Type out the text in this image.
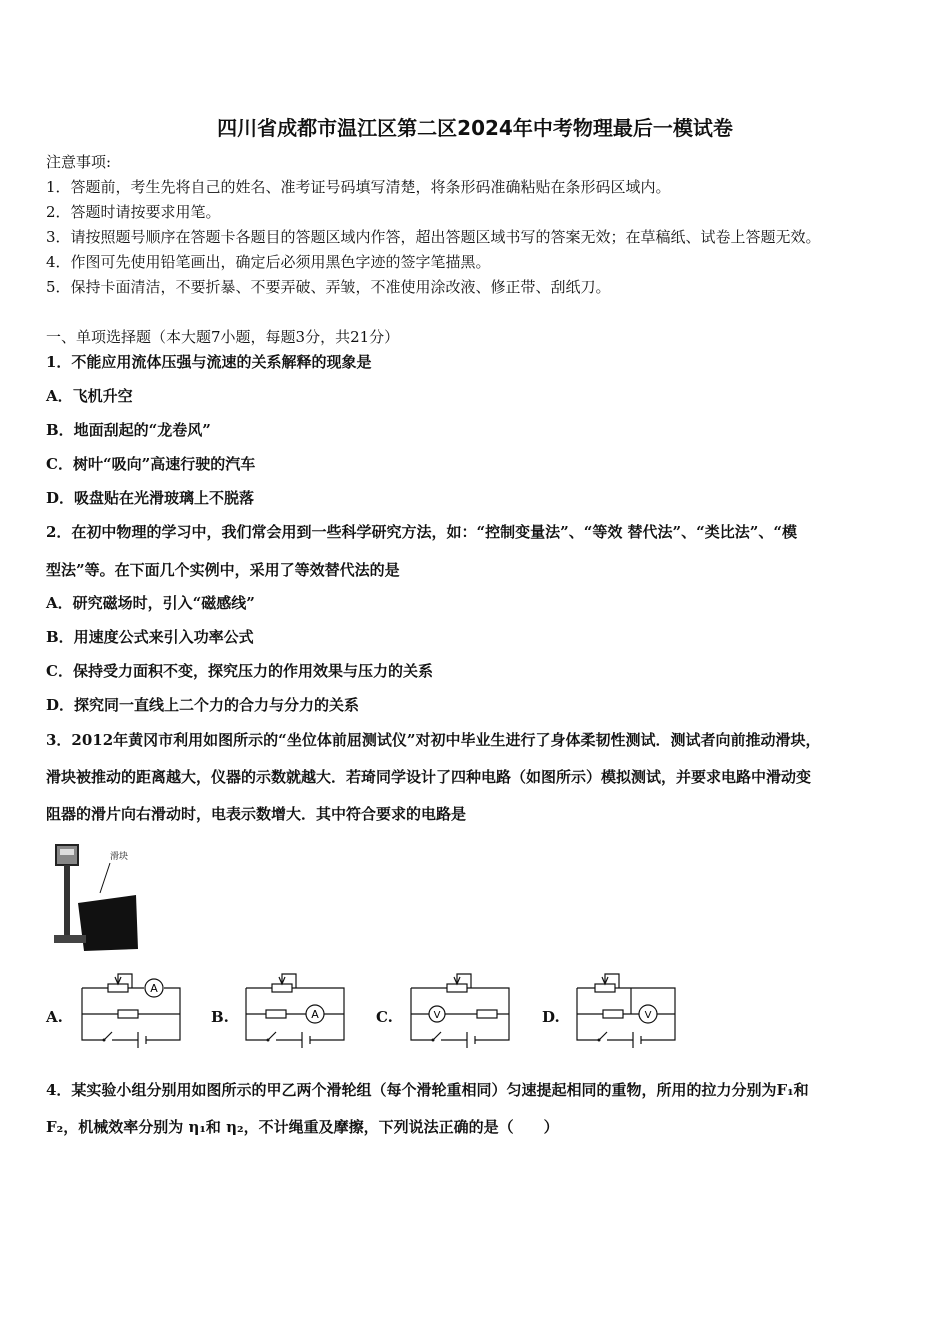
四川省成都市温江区第二区2024年中考物理最后一模试卷
注意事项:
1．答题前，考生先将自己的姓名、准考证号码填写清楚，将条形码准确粘贴在条形码区域内。
2．答题时请按要求用笔。
3．请按照题号顺序在答题卡各题目的答题区域内作答，超出答题区域书写的答案无效；在草稿纸、试卷上答题无效。
4．作图可先使用铅笔画出，确定后必须用黑色字迹的签字笔描黑。
5．保持卡面清洁，不要折暴、不要弄破、弄皱，不准使用涂改液、修正带、刮纸刀。
一、单项选择题（本大题7小题，每题3分，共21分）
1．不能应用流体压强与流速的关系解释的现象是
A．飞机升空
B．地面刮起的“龙卷风”
C．树叶“吸向”高速行驶的汽车
D．吸盘贴在光滑玻璃上不脱落
2．在初中物理的学习中，我们常会用到一些科学研究方法，如：“控制变量法”、“等效 替代法”、“类比法”、“模
型法”等。在下面几个实例中，采用了等效替代法的是
A．研究磁场时，引入“磁感线”
B．用速度公式来引入功率公式
C．保持受力面积不变，探究压力的作用效果与压力的关系
D．探究同一直线上二个力的合力与分力的关系
3．2012年黄冈市利用如图所示的“坐位体前屈测试仪”对初中毕业生进行了身体柔韧性测试．测试者向前推动滑块，
滑块被推动的距离越大，仪器的示数就越大．若琦同学设计了四种电路（如图所示）模拟测试，并要求电路中滑动变
阻器的滑片向右滑动时，电表示数增大．其中符合要求的电路是
滑块
A.	B.	C.	D.
A
A	V	V
4．某实验小组分别用如图所示的甲乙两个滑轮组（每个滑轮重相同）匀速提起相同的重物，所用的拉力分别为F₁和
F₂，机械效率分别为 η₁和 η₂，不计绳重及摩擦，下列说法正确的是（　　）
